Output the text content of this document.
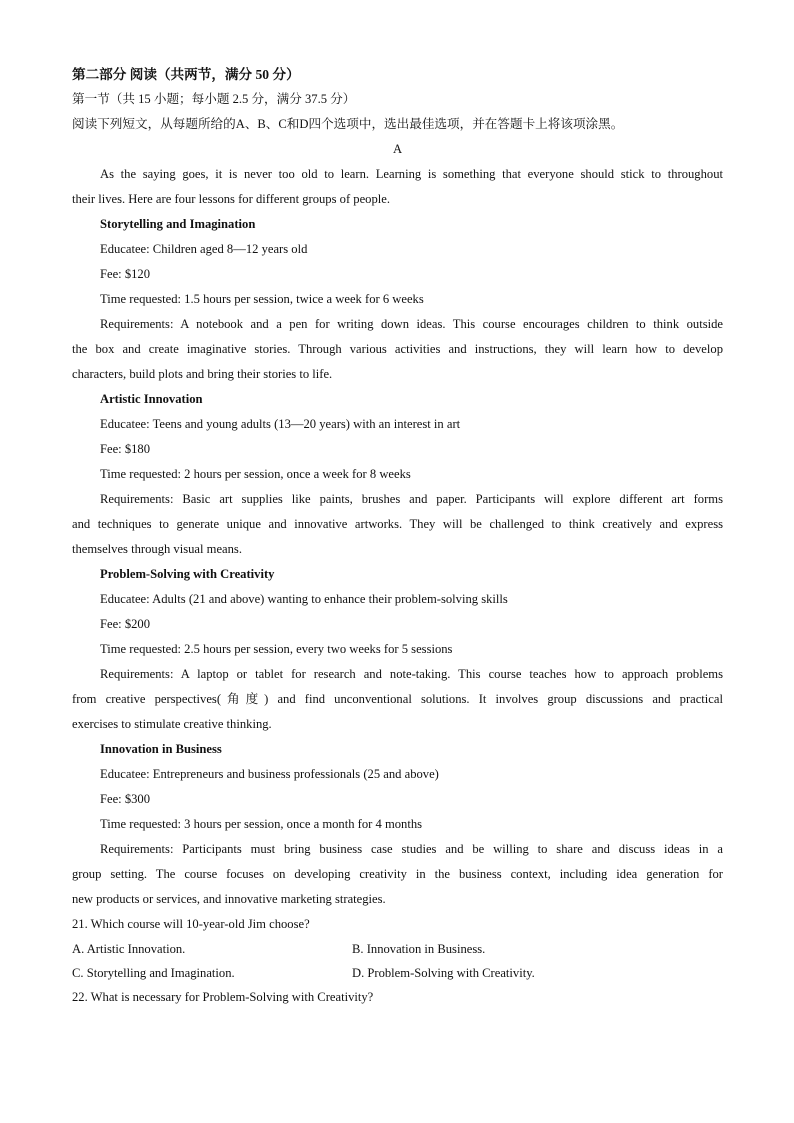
第二部分 阅读（共两节，满分 50 分）
第一节（共 15 小题；每小题 2.5 分，满分 37.5 分）
阅读下列短文，从每题所给的A、B、C和D四个选项中，选出最佳选项，并在答题卡上将该项涂黑。
A
As the saying goes, it is never too old to learn. Learning is something that everyone should stick to throughout
their lives. Here are four lessons for different groups of people.
Storytelling and Imagination
Educatee: Children aged 8—12 years old
Fee: $120
Time requested: 1.5 hours per session, twice a week for 6 weeks
Requirements: A notebook and a pen for writing down ideas. This course encourages children to think outside
the box and create imaginative stories. Through various activities and instructions, they will learn how to develop
characters, build plots and bring their stories to life.
Artistic Innovation
Educatee: Teens and young adults (13—20 years) with an interest in art
Fee: $180
Time requested: 2 hours per session, once a week for 8 weeks
Requirements: Basic art supplies like paints, brushes and paper. Participants will explore different art forms
and techniques to generate unique and innovative artworks. They will be challenged to think creatively and express
themselves through visual means.
Problem-Solving with Creativity
Educatee: Adults (21 and above) wanting to enhance their problem-solving skills
Fee: $200
Time requested: 2.5 hours per session, every two weeks for 5 sessions
Requirements: A laptop or tablet for research and note-taking. This course teaches how to approach problems
from creative perspectives(角度) and find unconventional solutions. It involves group discussions and practical
exercises to stimulate creative thinking.
Innovation in Business
Educatee: Entrepreneurs and business professionals (25 and above)
Fee: $300
Time requested: 3 hours per session, once a month for 4 months
Requirements: Participants must bring business case studies and be willing to share and discuss ideas in a
group setting. The course focuses on developing creativity in the business context, including idea generation for
new products or services, and innovative marketing strategies.
21. Which course will 10-year-old Jim choose?
A. Artistic Innovation.	B. Innovation in Business.
C. Storytelling and Imagination.	D. Problem-Solving with Creativity.
22. What is necessary for Problem-Solving with Creativity?
